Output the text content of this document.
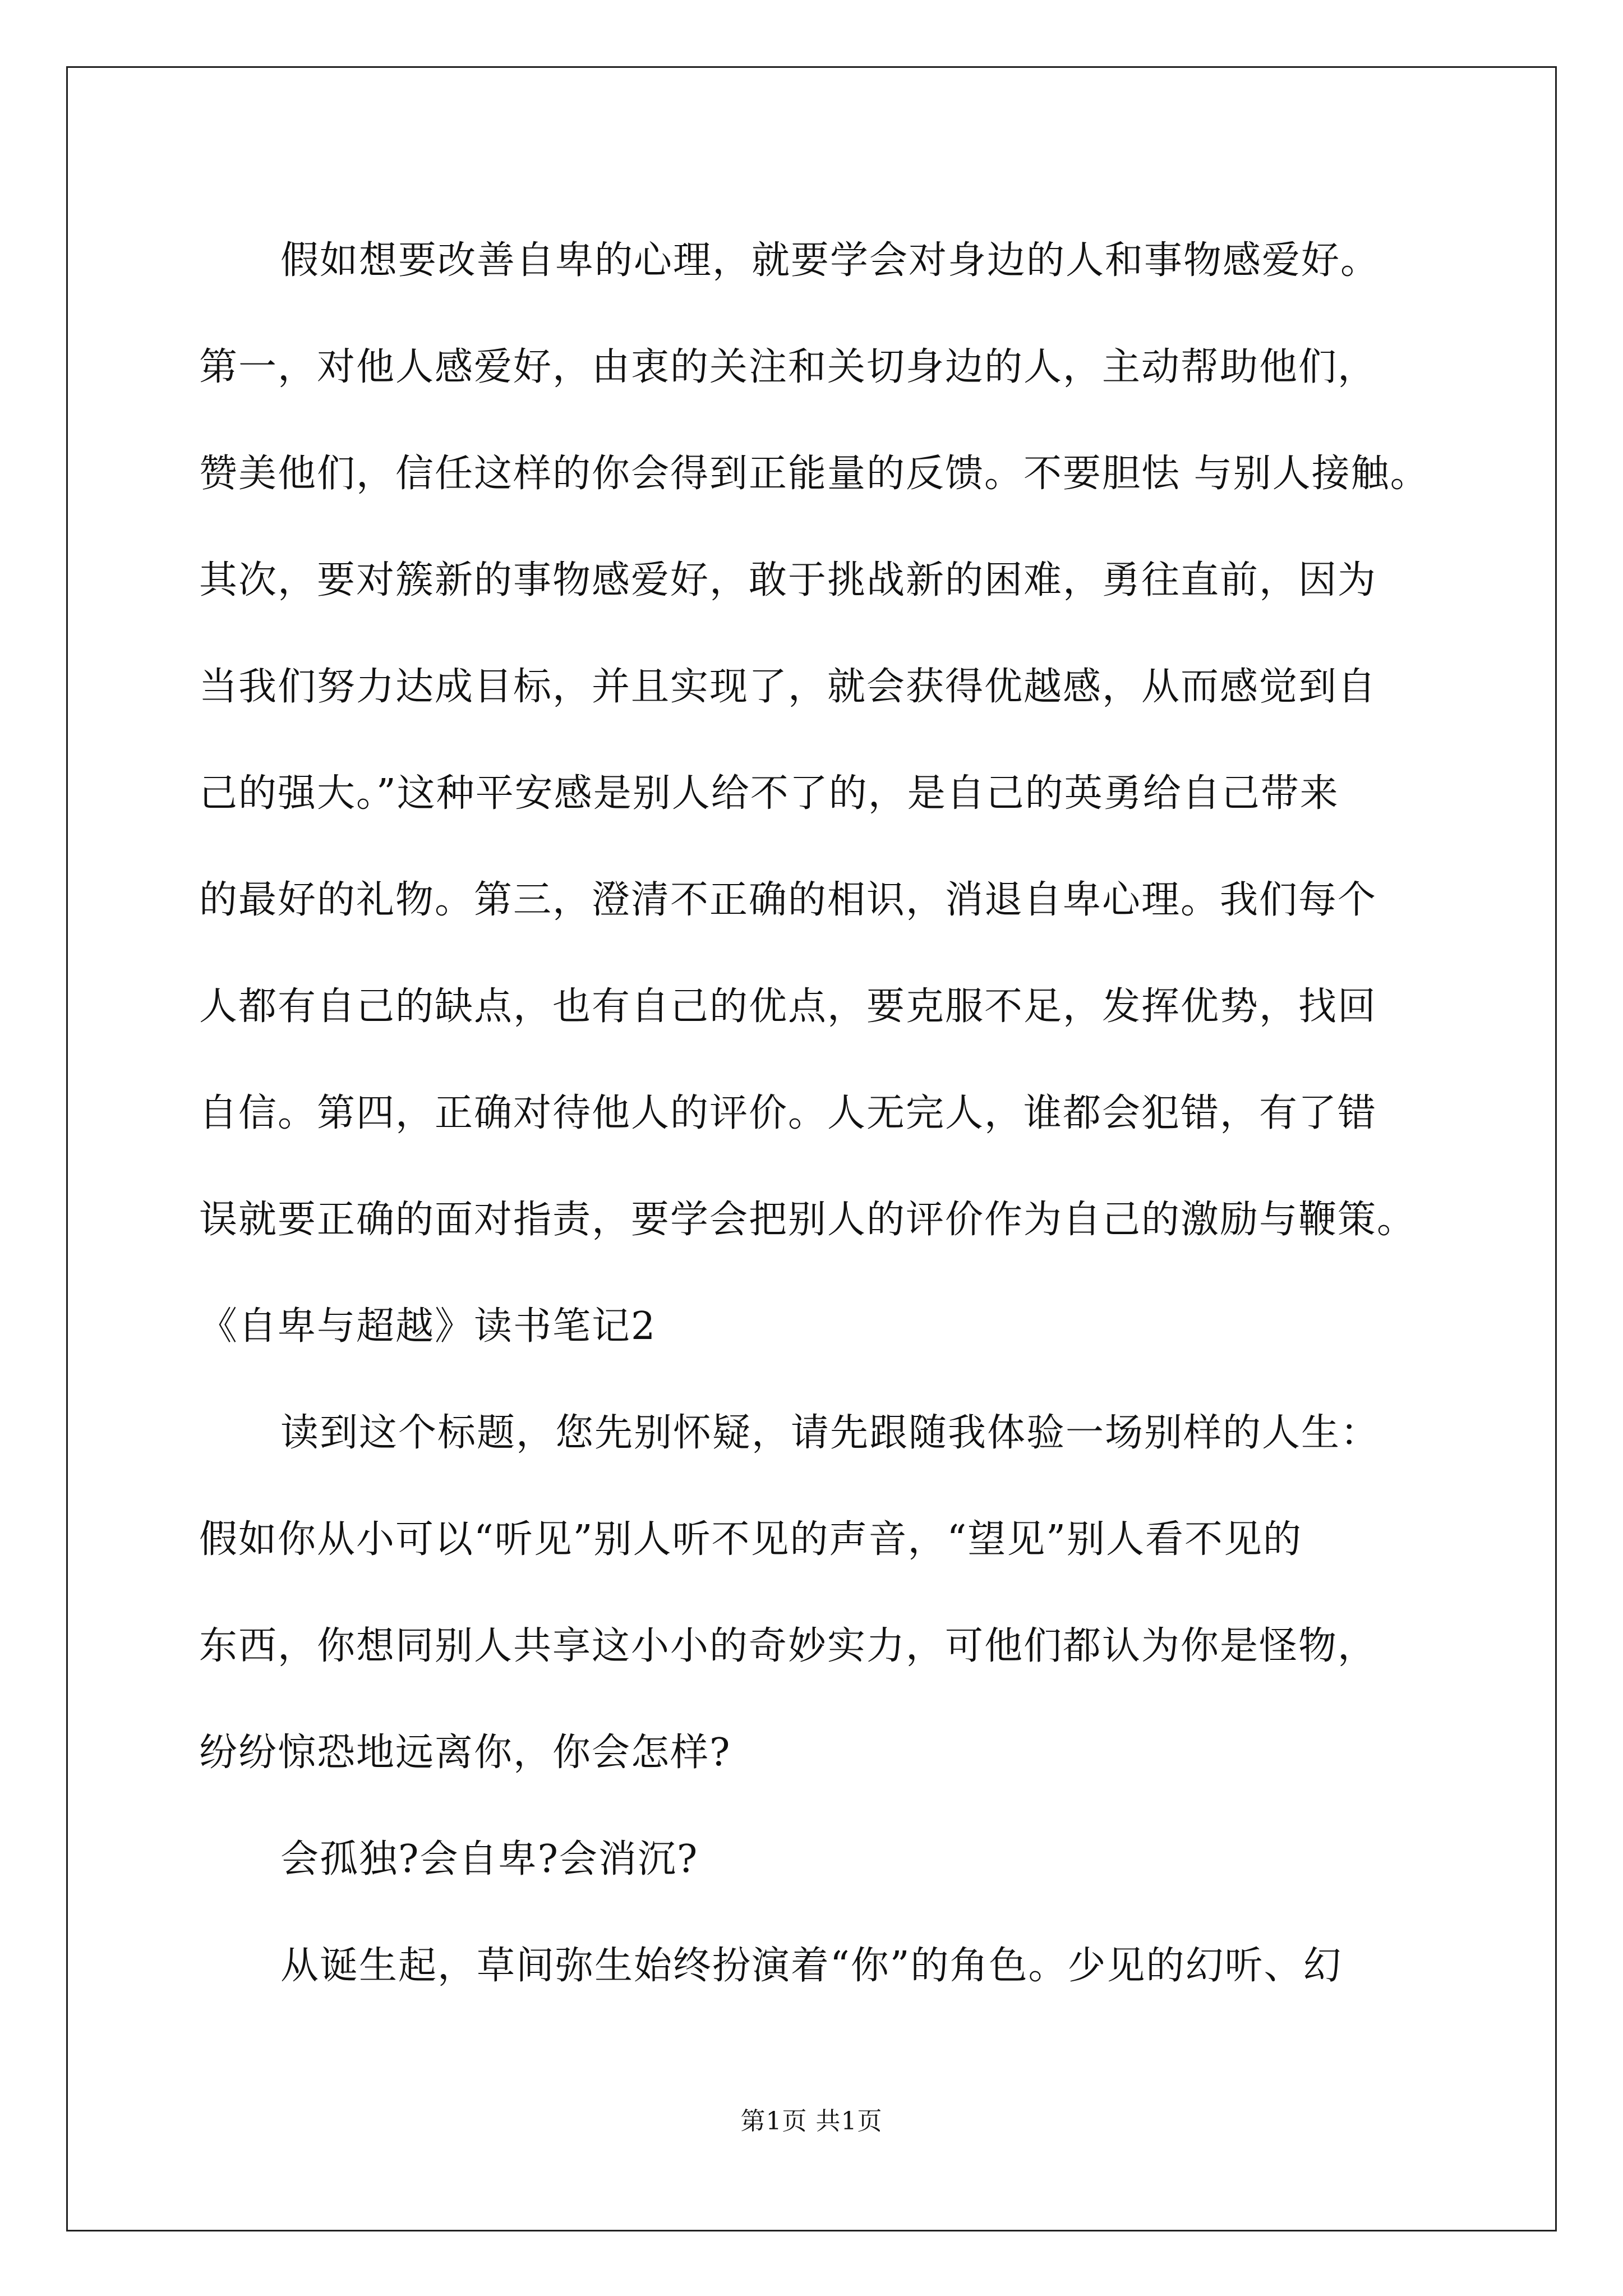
假如想要改善自卑的心理，就要学会对身边的人和事物感爱好。
第一，对他人感爱好，由衷的关注和关切身边的人，主动帮助他们，
赞美他们，信任这样的你会得到正能量的反馈。不要胆怯 与别人接触。
其次，要对簇新的事物感爱好，敢于挑战新的困难，勇往直前，因为
当我们努力达成目标，并且实现了，就会获得优越感，从而感觉到自
己的强大。”这种平安感是别人给不了的，是自己的英勇给自己带来
的最好的礼物。第三，澄清不正确的相识，消退自卑心理。我们每个
人都有自己的缺点，也有自己的优点，要克服不足，发挥优势，找回
自信。第四，正确对待他人的评价。人无完人，谁都会犯错，有了错
误就要正确的面对指责，要学会把别人的评价作为自己的激励与鞭策。
《自卑与超越》读书笔记2
读到这个标题，您先别怀疑，请先跟随我体验一场别样的人生：
假如你从小可以“听见”别人听不见的声音，“望见”别人看不见的
东西，你想同别人共享这小小的奇妙实力，可他们都认为你是怪物，
纷纷惊恐地远离你，你会怎样?
会孤独?会自卑?会消沉?
从诞生起，草间弥生始终扮演着“你”的角色。少见的幻听、幻
第1页 共1页
